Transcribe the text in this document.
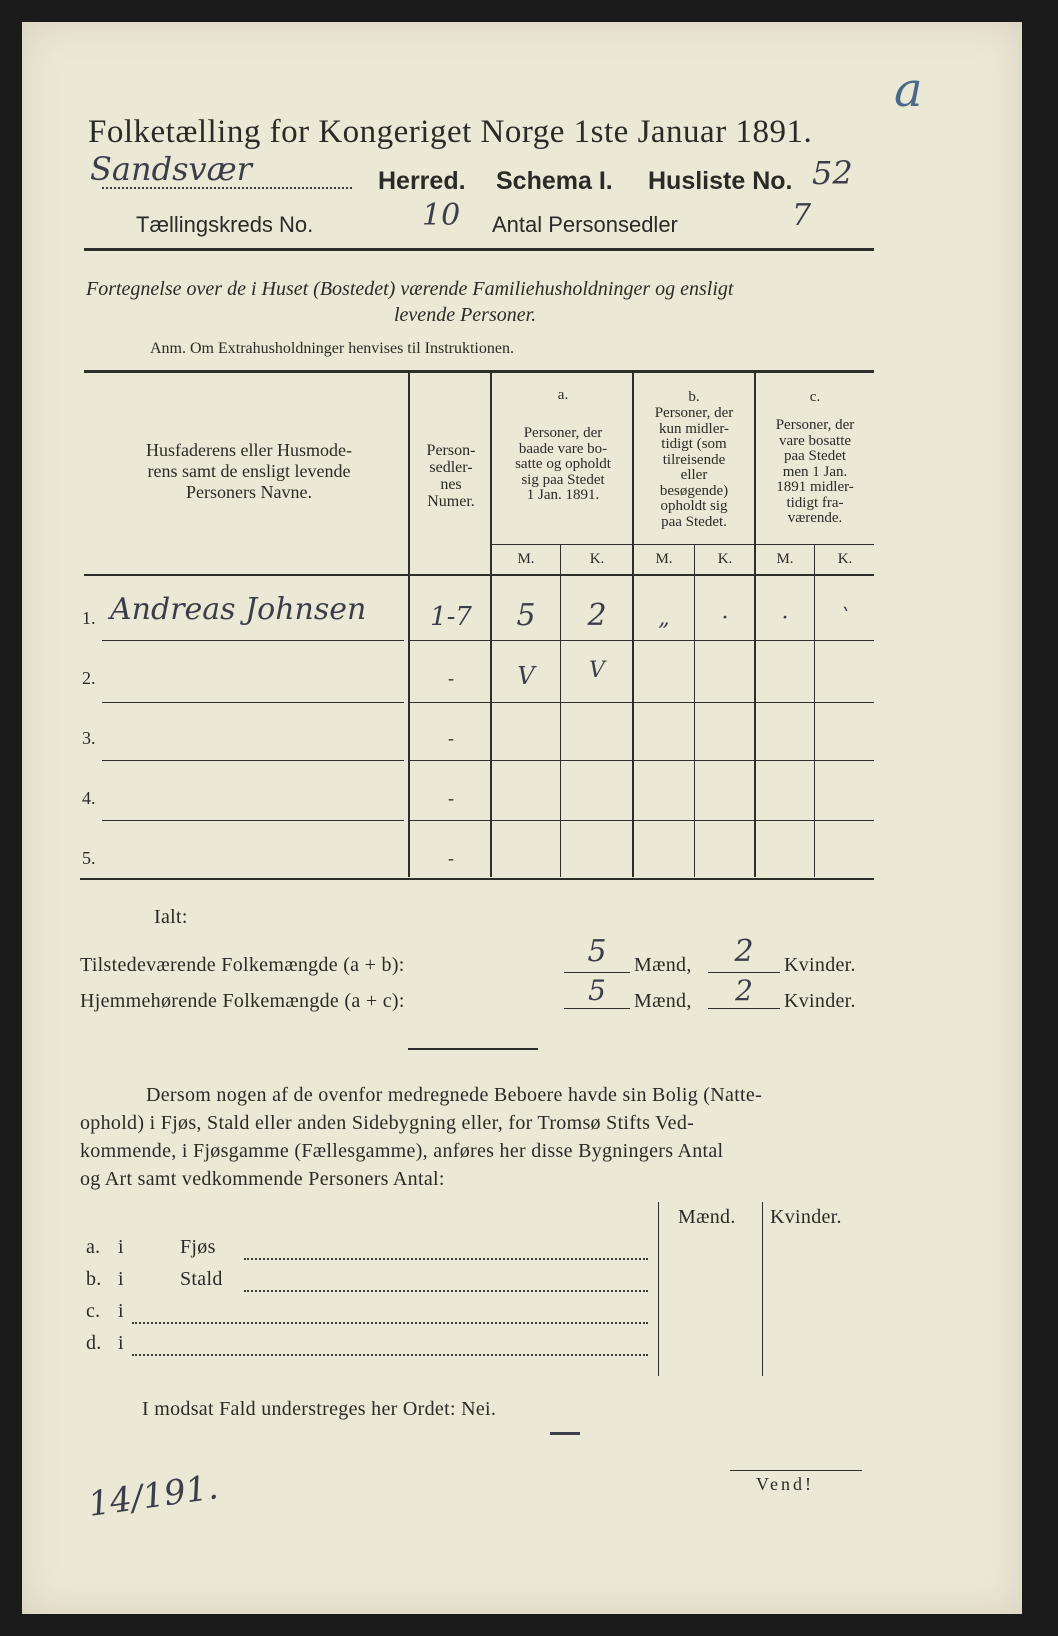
a
Folketælling for Kongeriget Norge 1ste Januar 1891.
Sandsvær	Herred. Schema I. Husliste No. 52
Tællingskreds No.	10 Antal Personsedler	7
Fortegnelse over de i Huset (Bostedet) værende Familiehusholdninger og ensligt
levende Personer.
Anm. Om Extrahusholdninger henvises til Instruktionen.
Husfaderens eller Husmode-
rens samt de ensligt levende
Personers Navne.
Person-
sedler-
nes
Numer.
a.
Personer, der
baade vare bo-
satte og opholdt
sig paa Stedet
1 Jan. 1891.
b.
Personer, der
kun midler-
tidigt (som
tilreisende
eller
besøgende)
opholdt sig
paa Stedet.
c.
Personer, der
vare bosatte
paa Stedet
men 1 Jan.
1891 midler-
tidigt fra-
værende.
M.	K.	M.	K.	M.	K.
1. Andreas Johnsen	1-7	5	2	„	·	·	`
2.	-	V	V
3.	-
4.	-
5.	-
Ialt:
Tilstedeværende Folkemængde (a + b):	5	Mænd,	2	Kvinder.
Hjemmehørende Folkemængde (a + c):	5	Mænd,	2	Kvinder.
Dersom nogen af de ovenfor medregnede Beboere havde sin Bolig (Natte-
ophold) i Fjøs, Stald eller anden Sidebygning eller, for Tromsø Stifts Ved-
kommende, i Fjøsgamme (Fællesgamme), anføres her disse Bygningers Antal
og Art samt vedkommende Personers Antal:
Mænd. Kvinder.
a. i	Fjøs
b. i	Stald
c. i
d. i
I modsat Fald understreges her Ordet: Nei.
14/191.	Vend!
